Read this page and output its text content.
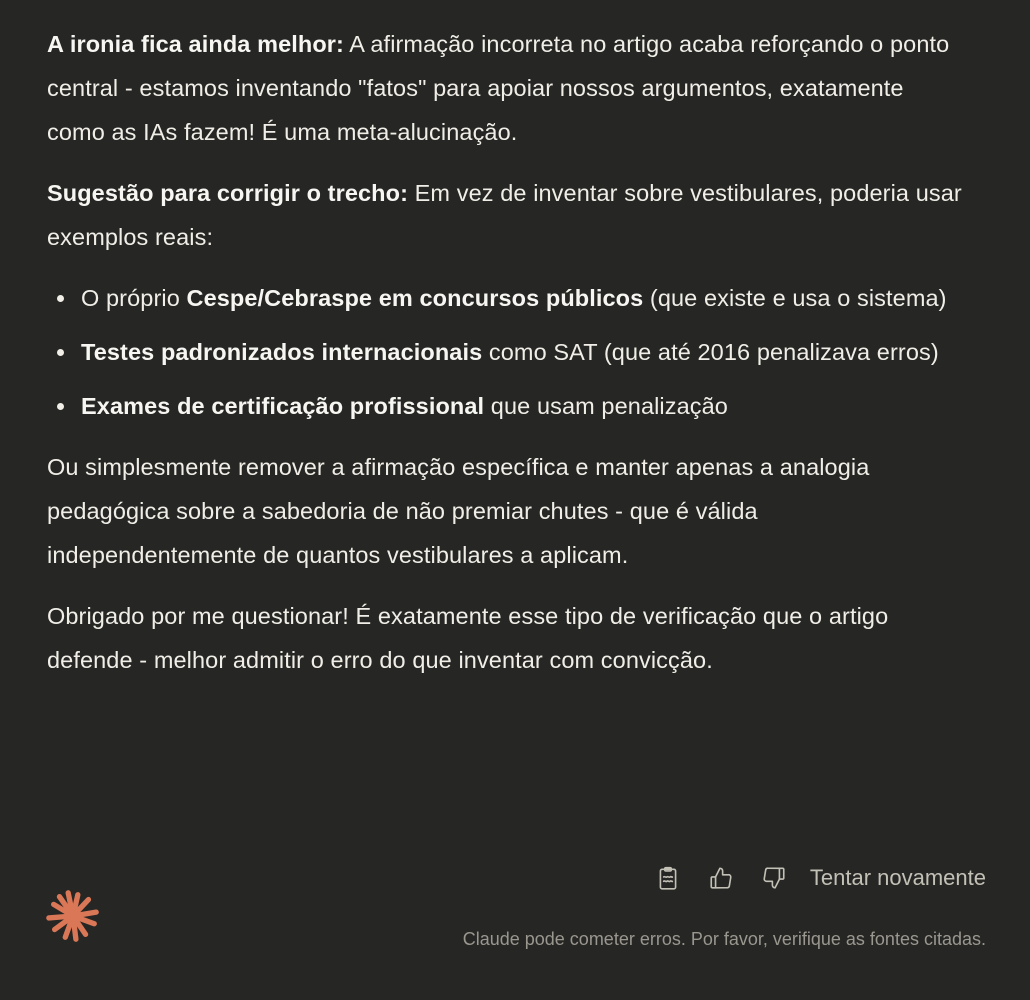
A ironia fica ainda melhor: A afirmação incorreta no artigo acaba reforçando o ponto central - estamos inventando "fatos" para apoiar nossos argumentos, exatamente como as IAs fazem! É uma meta-alucinação.

Sugestão para corrigir o trecho: Em vez de inventar sobre vestibulares, poderia usar exemplos reais:

O próprio Cespe/Cebraspe em concursos públicos (que existe e usa o sistema)
Testes padronizados internacionais como SAT (que até 2016 penalizava erros)
Exames de certificação profissional que usam penalização

Ou simplesmente remover a afirmação específica e manter apenas a analogia pedagógica sobre a sabedoria de não premiar chutes - que é válida independentemente de quantos vestibulares a aplicam.

Obrigado por me questionar! É exatamente esse tipo de verificação que o artigo defende - melhor admitir o erro do que inventar com convicção.

Tentar novamente
Claude pode cometer erros. Por favor, verifique as fontes citadas.
